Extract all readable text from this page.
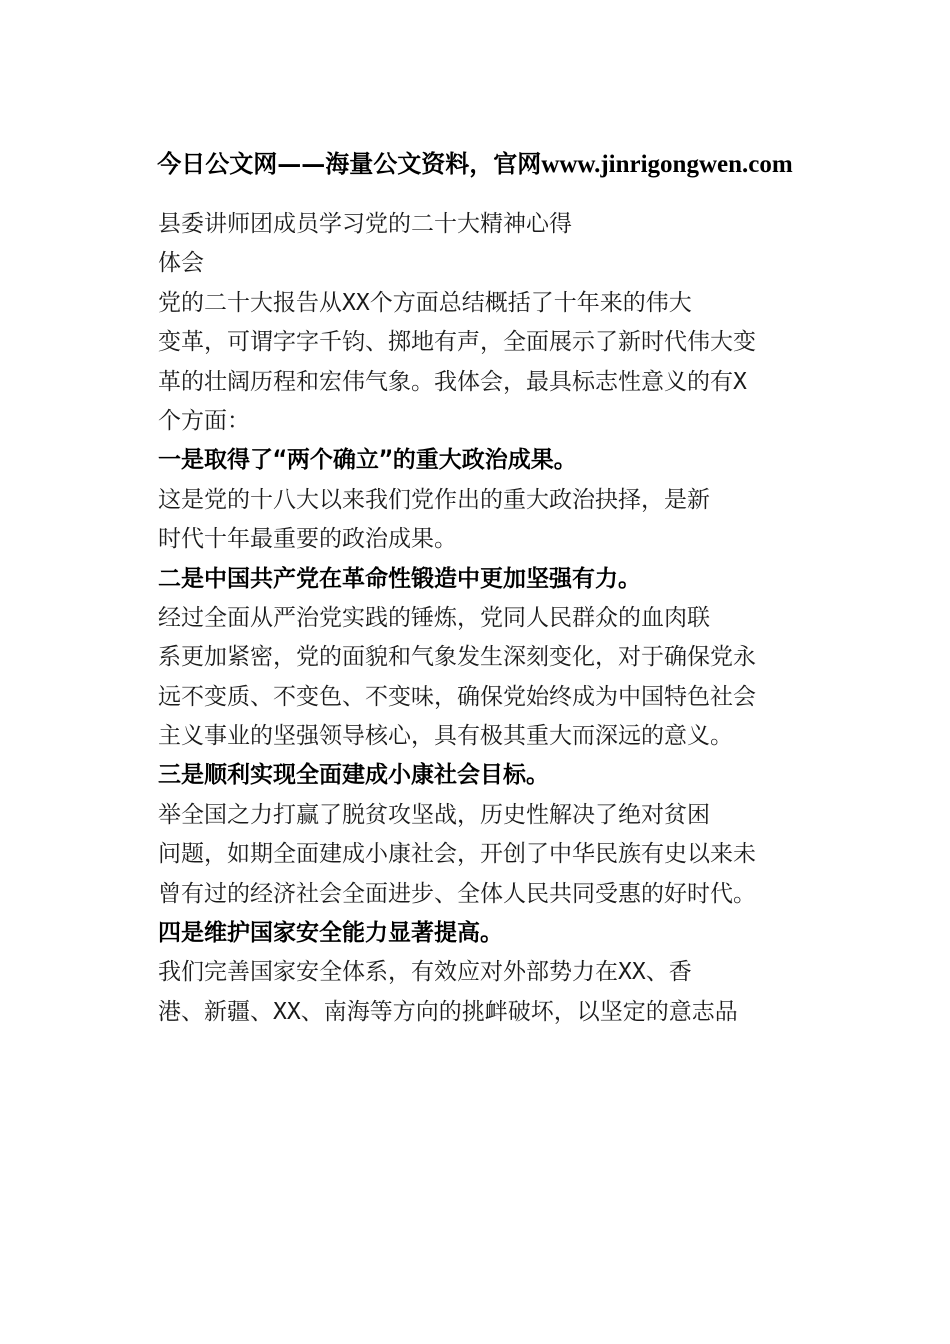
今日公文网——海量公文资料，官网www.jinrigongwen.com
县委讲师团成员学习党的二十大精神心得
体会
党的二十大报告从XX个方面总结概括了十年来的伟大
变革，可谓字字千钧、掷地有声，全面展示了新时代伟大变
革的壮阔历程和宏伟气象。我体会，最具标志性意义的有X
个方面：
一是取得了“两个确立”的重大政治成果。
这是党的十八大以来我们党作出的重大政治抉择，是新
时代十年最重要的政治成果。
二是中国共产党在革命性锻造中更加坚强有力。
经过全面从严治党实践的锤炼，党同人民群众的血肉联
系更加紧密，党的面貌和气象发生深刻变化，对于确保党永
远不变质、不变色、不变味，确保党始终成为中国特色社会
主义事业的坚强领导核心，具有极其重大而深远的意义。
三是顺利实现全面建成小康社会目标。
举全国之力打赢了脱贫攻坚战，历史性解决了绝对贫困
问题，如期全面建成小康社会，开创了中华民族有史以来未
曾有过的经济社会全面进步、全体人民共同受惠的好时代。
四是维护国家安全能力显著提高。
我们完善国家安全体系，有效应对外部势力在XX、香
港、新疆、XX、南海等方向的挑衅破坏，以坚定的意志品
